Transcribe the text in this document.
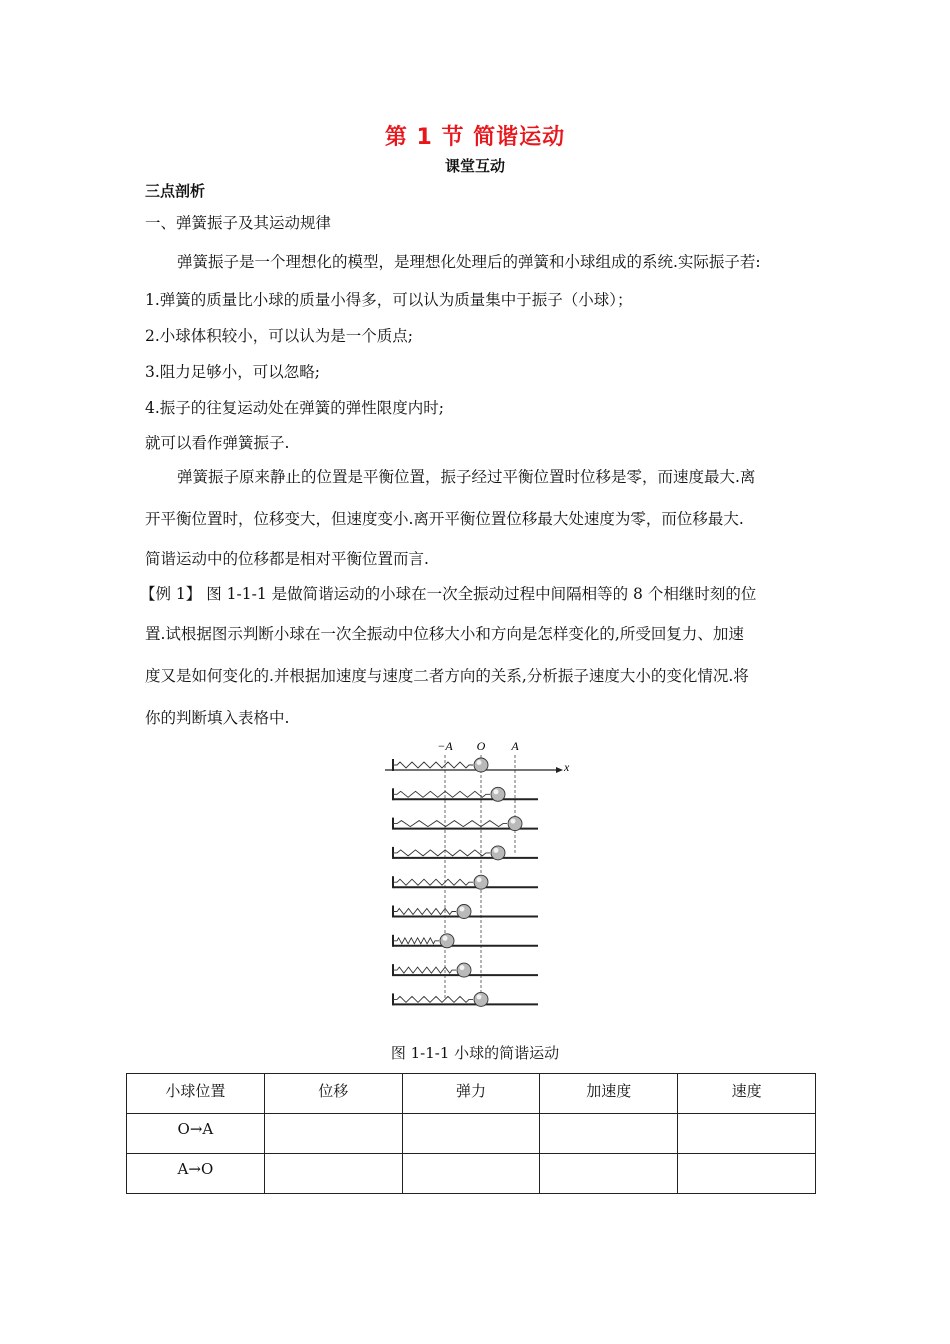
第 1 节 简谐运动
课堂互动
三点剖析
一、弹簧振子及其运动规律
弹簧振子是一个理想化的模型，是理想化处理后的弹簧和小球组成的系统.实际振子若:
1.弹簧的质量比小球的质量小得多，可以认为质量集中于振子（小球）；
2.小球体积较小，可以认为是一个质点;
3.阻力足够小，可以忽略;
4.振子的往复运动处在弹簧的弹性限度内时;
就可以看作弹簧振子.
弹簧振子原来静止的位置是平衡位置，振子经过平衡位置时位移是零，而速度最大.离
开平衡位置时，位移变大，但速度变小.离开平衡位置位移最大处速度为零，而位移最大.
简谐运动中的位移都是相对平衡位置而言.
【例 1】 图 1-1-1 是做简谐运动的小球在一次全振动过程中间隔相等的 8 个相继时刻的位
置.试根据图示判断小球在一次全振动中位移大小和方向是怎样变化的,所受回复力、加速
度又是如何变化的.并根据加速度与速度二者方向的关系,分析振子速度大小的变化情况.将
你的判断填入表格中.
−A O A
x
图 1-1-1 小球的简谐运动
小球位置	位移	弹力	加速度	速度
O→A				
A→O				
